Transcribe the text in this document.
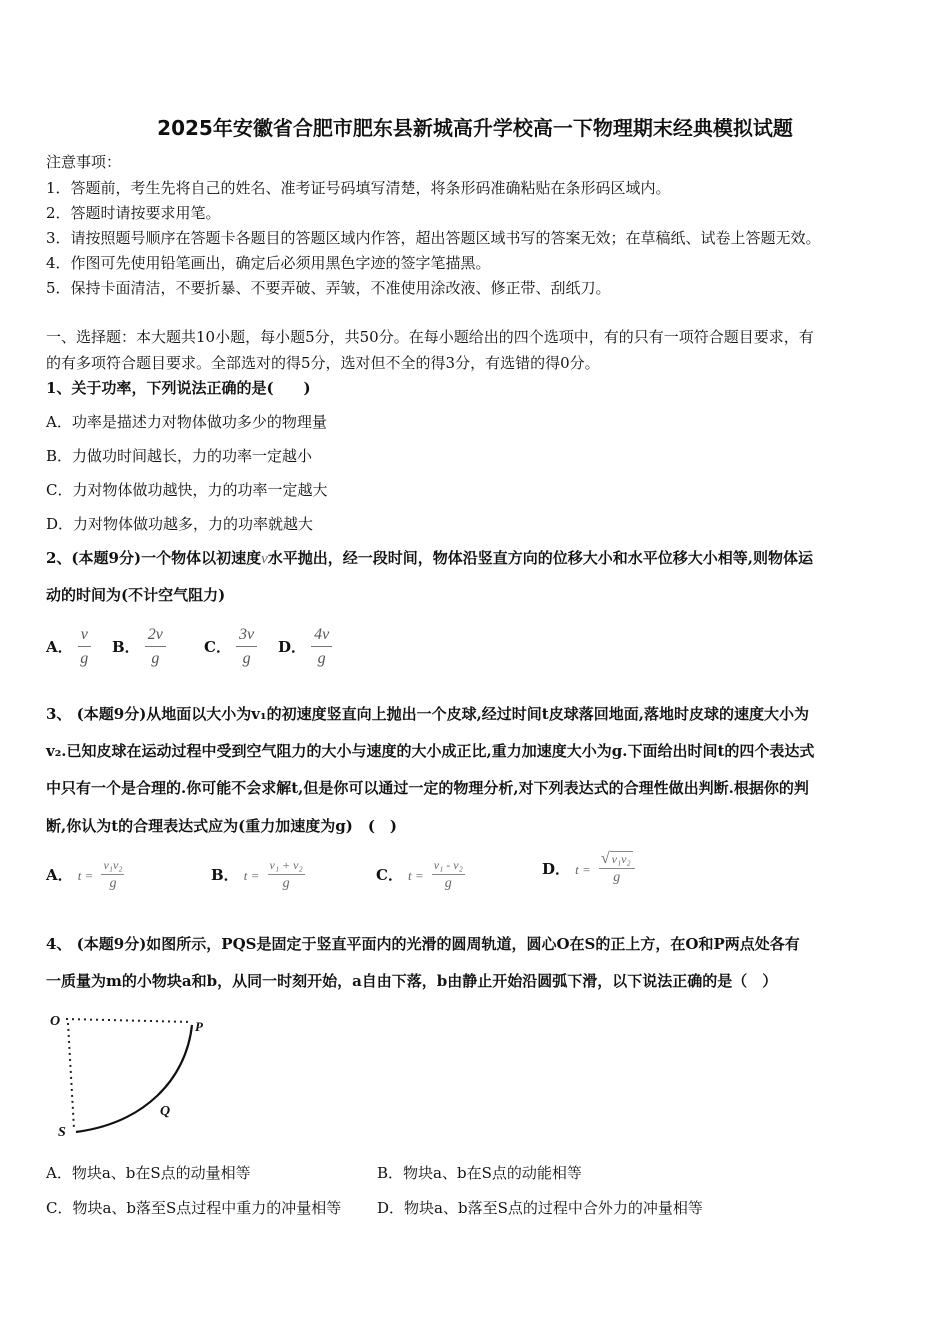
2025年安徽省合肥市肥东县新城高升学校高一下物理期末经典模拟试题
注意事项：
1．答题前，考生先将自己的姓名、准考证号码填写清楚，将条形码准确粘贴在条形码区域内。
2．答题时请按要求用笔。
3．请按照题号顺序在答题卡各题目的答题区域内作答，超出答题区域书写的答案无效；在草稿纸、试卷上答题无效。
4．作图可先使用铅笔画出，确定后必须用黑色字迹的签字笔描黑。
5．保持卡面清洁，不要折暴、不要弄破、弄皱，不准使用涂改液、修正带、刮纸刀。
一、选择题：本大题共10小题，每小题5分，共50分。在每小题给出的四个选项中，有的只有一项符合题目要求，有
的有多项符合题目要求。全部选对的得5分，选对但不全的得3分，有选错的得0分。
1、关于功率，下列说法正确的是(　　)
A．功率是描述力对物体做功多少的物理量
B．力做功时间越长，力的功率一定越小
C．力对物体做功越快，力的功率一定越大
D．力对物体做功越多，力的功率就越大
2、(本题9分)一个物体以初速度v水平抛出，经一段时间，物体沿竖直方向的位移大小和水平位移大小相等,则物体运
动的时间为(不计空气阻力)
A． $\frac{v}{g}$ B． $\frac{2v}{g}$	C． $\frac{3v}{g}$ D． $\frac{4v}{g}$
3、 (本题9分)从地面以大小为v₁的初速度竖直向上抛出一个皮球,经过时间t皮球落回地面,落地时皮球的速度大小为
v₂.已知皮球在运动过程中受到空气阻力的大小与速度的大小成正比,重力加速度大小为g.下面给出时间t的四个表达式
中只有一个是合理的.你可能不会求解t,但是你可以通过一定的物理分析,对下列表达式的合理性做出判断.根据你的判
断,你认为t的合理表达式应为(重力加速度为g)　(　)
A． $t = \frac{\text{v₁v₂}}{g}$	B． $t = \frac{\text{v₁ + v₂}}{g}$	C． $t = \frac{\text{v₁ - v₂}}{g}$	D． $t = \frac{\text{√ v₁v₂}}{g}$
4、 (本题9分)如图所示，PQS是固定于竖直平面内的光滑的圆周轨道，圆心O在S的正上方，在O和P两点处各有
一质量为m的小物块a和b，从同一时刻开始，a自由下落，b由静止开始沿圆弧下滑，以下说法正确的是（　）
O	P
Q
S
A．物块a、b在S点的动量相等	B．物块a、b在S点的动能相等
C．物块a、b落至S点过程中重力的冲量相等 D．物块a、b落至S点的过程中合外力的冲量相等
